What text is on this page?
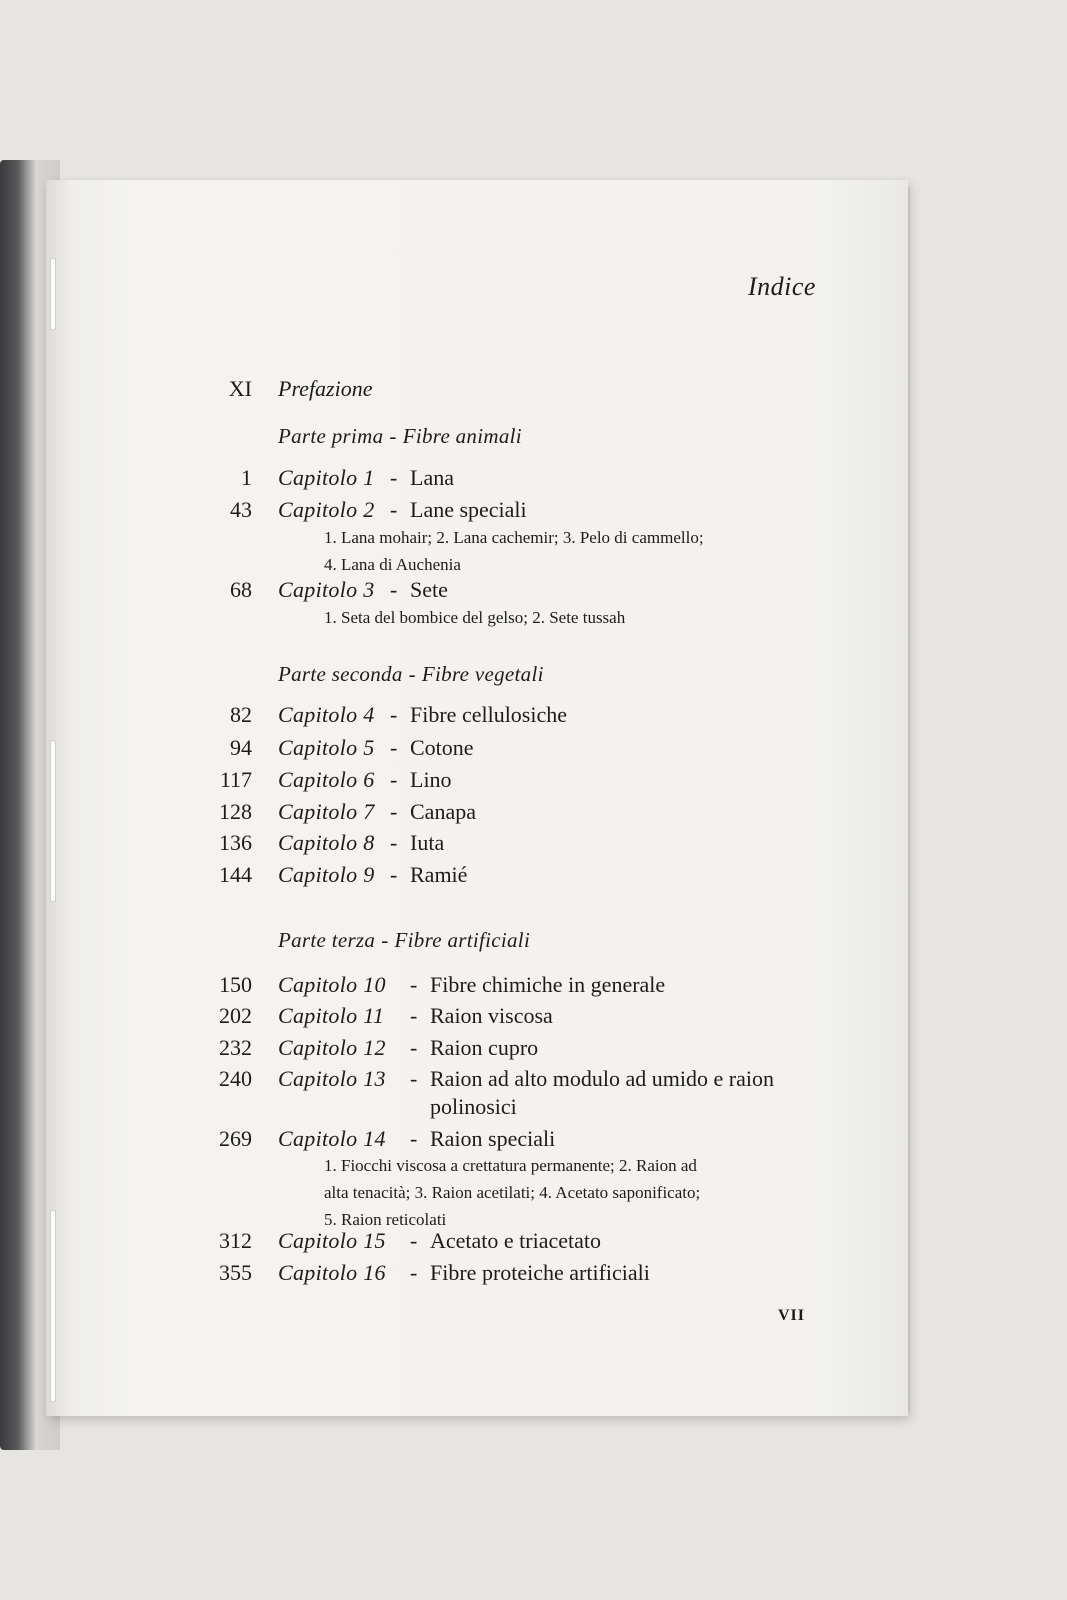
Indice
XI Prefazione
Parte prima - Fibre animali
1 Capitolo 1 - Lana
43 Capitolo 2 - Lane speciali
1. Lana mohair; 2. Lana cachemir; 3. Pelo di cammello;
4. Lana di Auchenia
68 Capitolo 3 - Sete
1. Seta del bombice del gelso; 2. Sete tussah
Parte seconda - Fibre vegetali
82 Capitolo 4 - Fibre cellulosiche
94 Capitolo 5 - Cotone
117 Capitolo 6 - Lino
128 Capitolo 7 - Canapa
136 Capitolo 8 - Iuta
144 Capitolo 9 - Ramié
Parte terza - Fibre artificiali
150 Capitolo 10 - Fibre chimiche in generale
202 Capitolo 11 - Raion viscosa
232 Capitolo 12 - Raion cupro
240 Capitolo 13 - Raion ad alto modulo ad umido e raion
polinosici
269 Capitolo 14 - Raion speciali
1. Fiocchi viscosa a crettatura permanente; 2. Raion ad
alta tenacità; 3. Raion acetilati; 4. Acetato saponificato;
5. Raion reticolati
312 Capitolo 15 - Acetato e triacetato
355 Capitolo 16 - Fibre proteiche artificiali
VII
